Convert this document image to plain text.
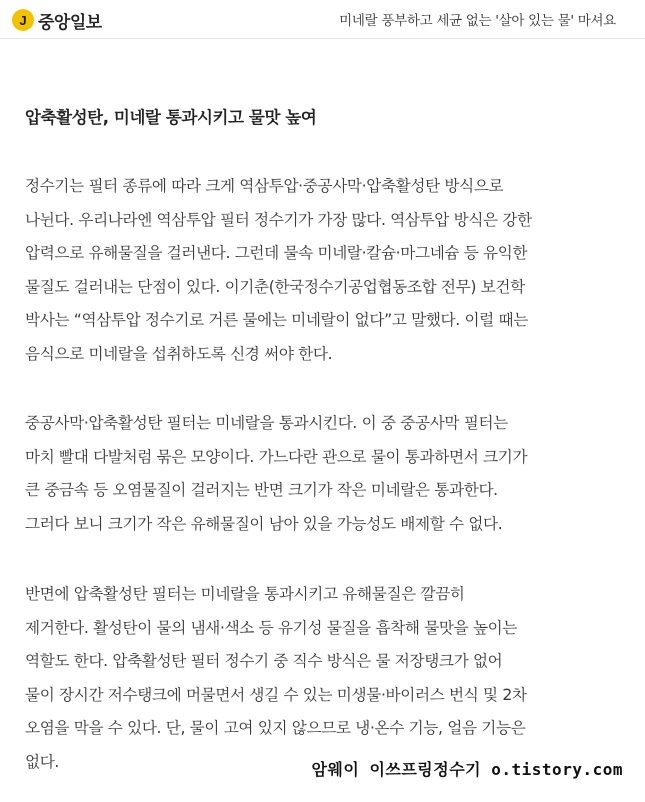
J 중앙일보	미네랄 풍부하고 세균 없는 '살아 있는 물' 마셔요
압축활성탄, 미네랄 통과시키고 물맛 높여

정수기는 필터 종류에 따라 크게 역삼투압·중공사막·압축활성탄 방식으로
나뉜다. 우리나라엔 역삼투압 필터 정수기가 가장 많다. 역삼투압 방식은 강한
압력으로 유해물질을 걸러낸다. 그런데 물속 미네랄·칼슘·마그네슘 등 유익한
물질도 걸러내는 단점이 있다. 이기춘(한국정수기공업협동조합 전무) 보건학
박사는 “역삼투압 정수기로 거른 물에는 미네랄이 없다”고 말했다. 이럴 때는
음식으로 미네랄을 섭취하도록 신경 써야 한다.

중공사막·압축활성탄 필터는 미네랄을 통과시킨다. 이 중 중공사막 필터는
마치 빨대 다발처럼 묶은 모양이다. 가느다란 관으로 물이 통과하면서 크기가
큰 중금속 등 오염물질이 걸러지는 반면 크기가 작은 미네랄은 통과한다.
그러다 보니 크기가 작은 유해물질이 남아 있을 가능성도 배제할 수 없다.

반면에 압축활성탄 필터는 미네랄을 통과시키고 유해물질은 깔끔히
제거한다. 활성탄이 물의 냄새·색소 등 유기성 물질을 흡착해 물맛을 높이는
역할도 한다. 압축활성탄 필터 정수기 중 직수 방식은 물 저장탱크가 없어
물이 장시간 저수탱크에 머물면서 생길 수 있는 미생물·바이러스 번식 및 2차
오염을 막을 수 있다. 단, 물이 고여 있지 않으므로 냉·온수 기능, 얼음 기능은
없다.	암웨이 이쓰프링정수기 o.tistory.com
